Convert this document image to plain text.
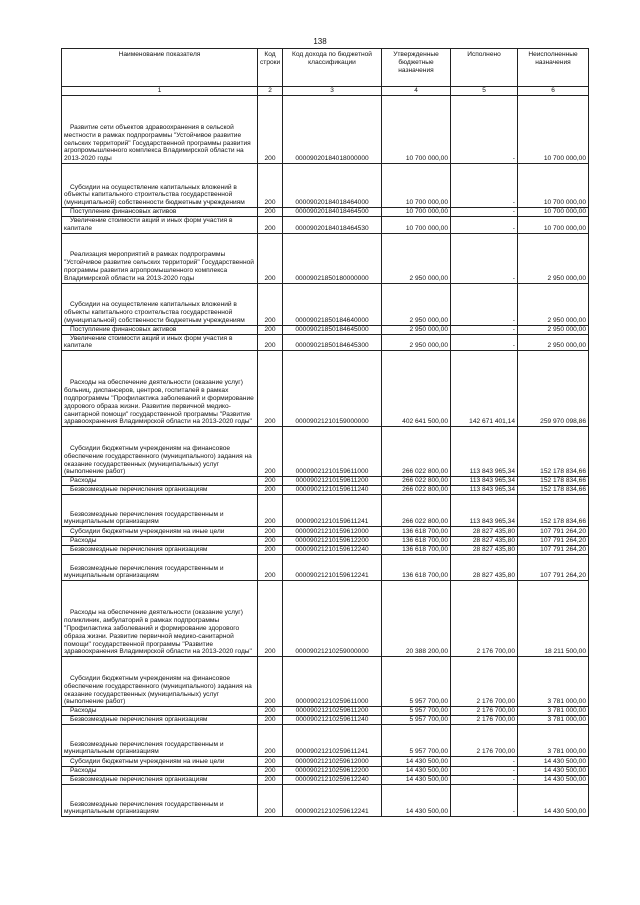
138
Наименование показателя	Код строки	Код дохода по бюджетной классификации	Утвержденные бюджетные назначения	Исполнено	Неисполненные назначения
1	2	3	4	5	6
Развитие сети объектов здравоохранения в сельской местности в рамках подпрограммы "Устойчивое развитие сельских территорий" Государственной программы развития агропромышленного комплекса Владимирской области на 2013-2020 годы	200	00009020184018000000	10 700 000,00	-	10 700 000,00
Субсидии на осуществление капитальных вложений в объекты капитального строительства государственной (муниципальной) собственности бюджетным учреждениям	200	00009020184018464000	10 700 000,00	-	10 700 000,00
Поступление финансовых активов	200	00009020184018464500	10 700 000,00	-	10 700 000,00
Увеличение стоимости акций и иных форм участия в капитале	200	00009020184018464530	10 700 000,00	-	10 700 000,00
Реализация мероприятий в рамках подпрограммы "Устойчивое развитие сельских территорий" Государственной программы развития агропромышленного комплекса Владимирской области на 2013-2020 годы	200	00009021850180000000	2 950 000,00	-	2 950 000,00
Субсидии на осуществление капитальных вложений в объекты капитального строительства государственной (муниципальной) собственности бюджетным учреждениям	200	00009021850184640000	2 950 000,00	-	2 950 000,00
Поступление финансовых активов	200	00009021850184645000	2 950 000,00	-	2 950 000,00
Увеличение стоимости акций и иных форм участия в капитале	200	00009021850184645300	2 950 000,00	-	2 950 000,00
Расходы на обеспечение деятельности (оказание услуг) больниц, диспансеров, центров, госпиталей в рамках подпрограммы "Профилактика заболеваний и формирование здорового образа жизни. Развитие первичной медико-санитарной помощи" государственной программы "Развитие здравоохранения Владимирской области на 2013-2020 годы"	200	00009021210159000000	402 641 500,00	142 671 401,14	259 970 098,86
Субсидии бюджетным учреждениям на финансовое обеспечение государственного (муниципального) задания на оказание государственных (муниципальных) услуг (выполнение работ)	200	00009021210159611000	266 022 800,00	113 843 965,34	152 178 834,66
Расходы	200	00009021210159611200	266 022 800,00	113 843 965,34	152 178 834,66
Безвозмездные перечисления организациям	200	00009021210159611240	266 022 800,00	113 843 965,34	152 178 834,66
Безвозмездные перечисления государственным и муниципальным организациям	200	00009021210159611241	266 022 800,00	113 843 965,34	152 178 834,66
Субсидии бюджетным учреждениям на иные цели	200	00009021210159612000	136 618 700,00	28 827 435,80	107 791 264,20
Расходы	200	00009021210159612200	136 618 700,00	28 827 435,80	107 791 264,20
Безвозмездные перечисления организациям	200	00009021210159612240	136 618 700,00	28 827 435,80	107 791 264,20
Безвозмездные перечисления государственным и муниципальным организациям	200	00009021210159612241	136 618 700,00	28 827 435,80	107 791 264,20
Расходы на обеспечение деятельности (оказание услуг) поликлиник, амбулаторий в рамках подпрограммы "Профилактика заболеваний и формирование здорового образа жизни. Развитие первичной медико-санитарной помощи" государственной программы "Развитие здравоохранения Владимирской области на 2013-2020 годы"	200	00009021210259000000	20 388 200,00	2 176 700,00	18 211 500,00
Субсидии бюджетным учреждениям на финансовое обеспечение государственного (муниципального) задания на оказание государственных (муниципальных) услуг (выполнение работ)	200	00009021210259611000	5 957 700,00	2 176 700,00	3 781 000,00
Расходы	200	00009021210259611200	5 957 700,00	2 176 700,00	3 781 000,00
Безвозмездные перечисления организациям	200	00009021210259611240	5 957 700,00	2 176 700,00	3 781 000,00
Безвозмездные перечисления государственным и муниципальным организациям	200	00009021210259611241	5 957 700,00	2 176 700,00	3 781 000,00
Субсидии бюджетным учреждениям на иные цели	200	00009021210259612000	14 430 500,00	-	14 430 500,00
Расходы	200	00009021210259612200	14 430 500,00	-	14 430 500,00
Безвозмездные перечисления организациям	200	00009021210259612240	14 430 500,00	-	14 430 500,00
Безвозмездные перечисления государственным и муниципальным организациям	200	00009021210259612241	14 430 500,00	-	14 430 500,00
